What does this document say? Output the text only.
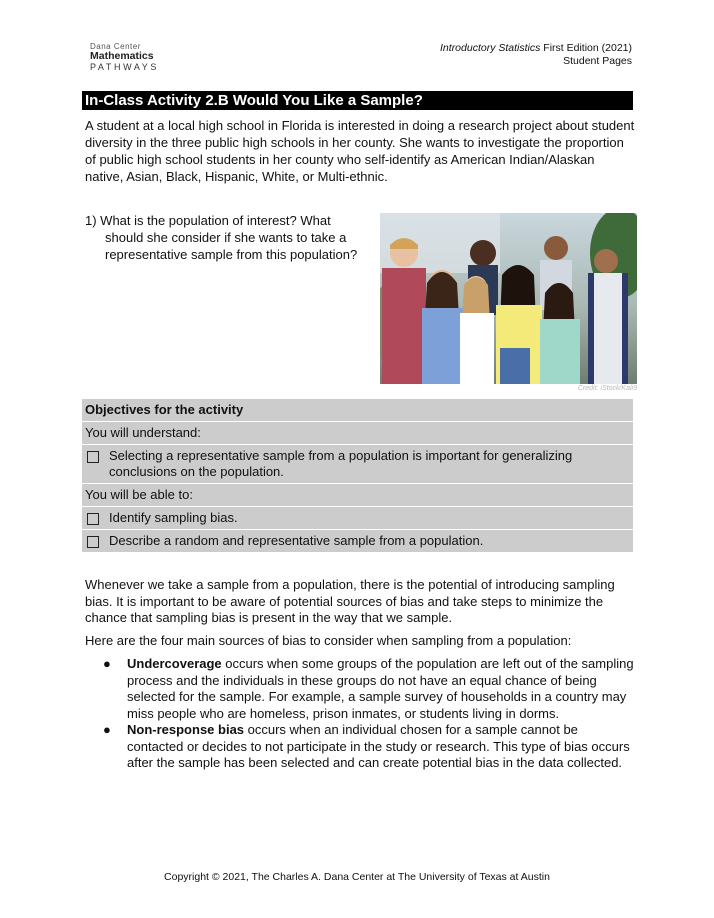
Dana Center
Mathematics
PATHWAYS
Introductory Statistics First Edition (2021)
Student Pages
In-Class Activity 2.B Would You Like a Sample?
A student at a local high school in Florida is interested in doing a research project about student diversity in the three public high schools in her county. She wants to investigate the proportion of public high school students in her county who self-identify as American Indian/Alaskan native, Asian, Black, Hispanic, White, or Multi-ethnic.
1) What is the population of interest? What
should she consider if she wants to take a representative sample from this population?
Credit: iStock/Kali9
Objectives for the activity
You will understand:
Selecting a representative sample from a population is important for generalizing conclusions on the population.
You will be able to:
Identify sampling bias.
Describe a random and representative sample from a population.

Whenever we take a sample from a population, there is the potential of introducing sampling bias. It is important to be aware of potential sources of bias and take steps to minimize the chance that sampling bias is present in the way that we sample.

Here are the four main sources of bias to consider when sampling from a population:

● Undercoverage occurs when some groups of the population are left out of the sampling process and the individuals in these groups do not have an equal chance of being selected for the sample. For example, a sample survey of households in a country may miss people who are homeless, prison inmates, or students living in dorms.
● Non-response bias occurs when an individual chosen for a sample cannot be contacted or decides to not participate in the study or research. This type of bias occurs after the sample has been selected and can create potential bias in the data collected.
Copyright © 2021, The Charles A. Dana Center at The University of Texas at Austin
